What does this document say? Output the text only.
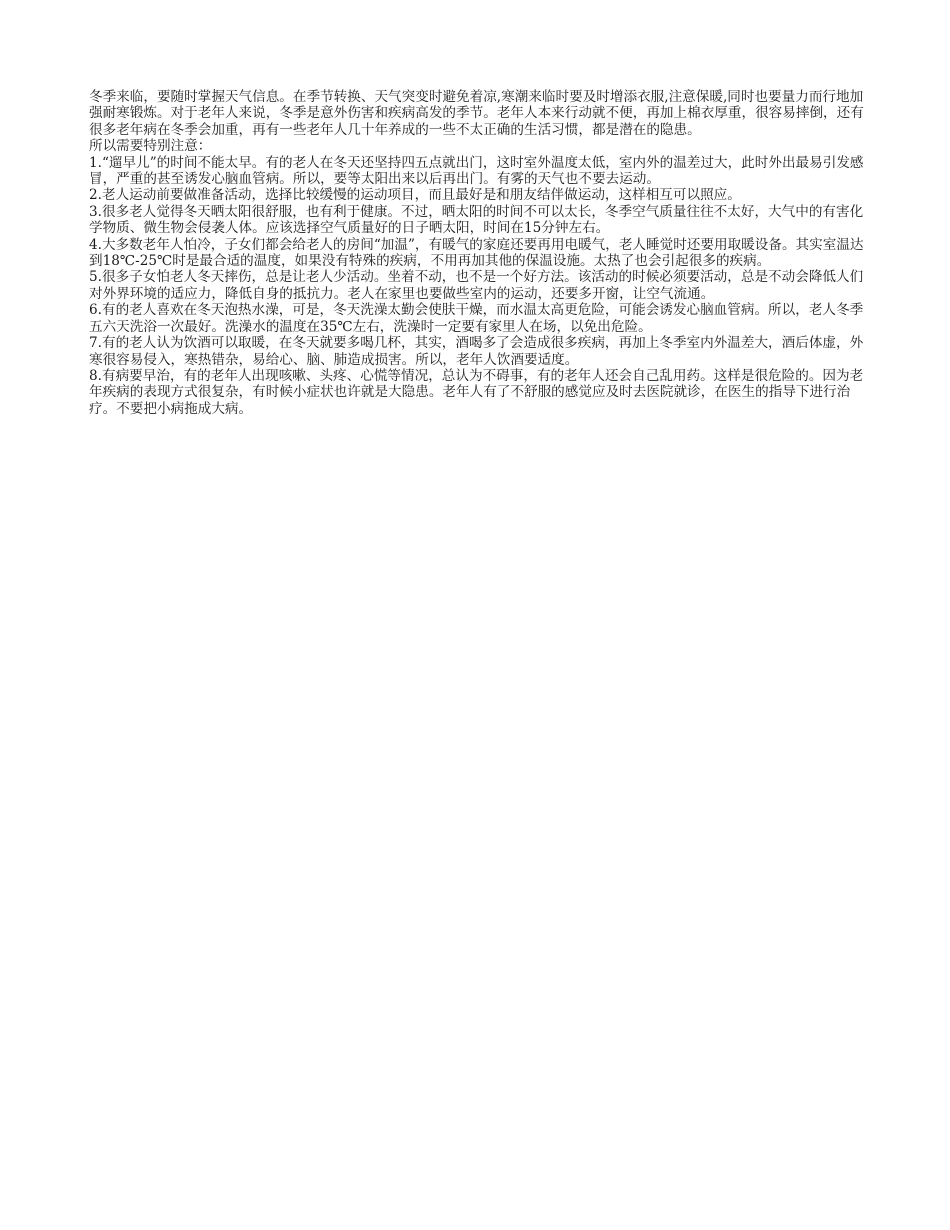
冬季来临，要随时掌握天气信息。在季节转换、天气突变时避免着凉,寒潮来临时要及时增添衣服,注意保暖,同时也要量力而行地加强耐寒锻炼。对于老年人来说，冬季是意外伤害和疾病高发的季节。老年人本来行动就不便，再加上棉衣厚重，很容易摔倒，还有很多老年病在冬季会加重，再有一些老年人几十年养成的一些不太正确的生活习惯，都是潜在的隐患。

所以需要特别注意：

1.“遛早儿”的时间不能太早。有的老人在冬天还坚持四五点就出门，这时室外温度太低，室内外的温差过大，此时外出最易引发感冒，严重的甚至诱发心脑血管病。所以，要等太阳出来以后再出门。有雾的天气也不要去运动。

2.老人运动前要做准备活动，选择比较缓慢的运动项目，而且最好是和朋友结伴做运动，这样相互可以照应。

3.很多老人觉得冬天晒太阳很舒服，也有利于健康。不过，晒太阳的时间不可以太长，冬季空气质量往往不太好，大气中的有害化学物质、微生物会侵袭人体。应该选择空气质量好的日子晒太阳，时间在15分钟左右。

4.大多数老年人怕冷，子女们都会给老人的房间“加温”，有暖气的家庭还要再用电暖气，老人睡觉时还要用取暖设备。其实室温达到18℃-25℃时是最合适的温度，如果没有特殊的疾病，不用再加其他的保温设施。太热了也会引起很多的疾病。

5.很多子女怕老人冬天摔伤，总是让老人少活动。坐着不动，也不是一个好方法。该活动的时候必须要活动，总是不动会降低人们对外界环境的适应力，降低自身的抵抗力。老人在家里也要做些室内的运动，还要多开窗，让空气流通。

6.有的老人喜欢在冬天泡热水澡，可是，冬天洗澡太勤会使肤干燥，而水温太高更危险，可能会诱发心脑血管病。所以，老人冬季五六天洗浴一次最好。洗澡水的温度在35℃左右，洗澡时一定要有家里人在场，以免出危险。

7.有的老人认为饮酒可以取暖，在冬天就要多喝几杯，其实，酒喝多了会造成很多疾病，再加上冬季室内外温差大，酒后体虚，外寒很容易侵入，寒热错杂，易给心、脑、肺造成损害。所以，老年人饮酒要适度。

8.有病要早治，有的老年人出现咳嗽、头疼、心慌等情况，总认为不碍事，有的老年人还会自己乱用药。这样是很危险的。因为老年疾病的表现方式很复杂，有时候小症状也许就是大隐患。老年人有了不舒服的感觉应及时去医院就诊，在医生的指导下进行治疗。不要把小病拖成大病。
